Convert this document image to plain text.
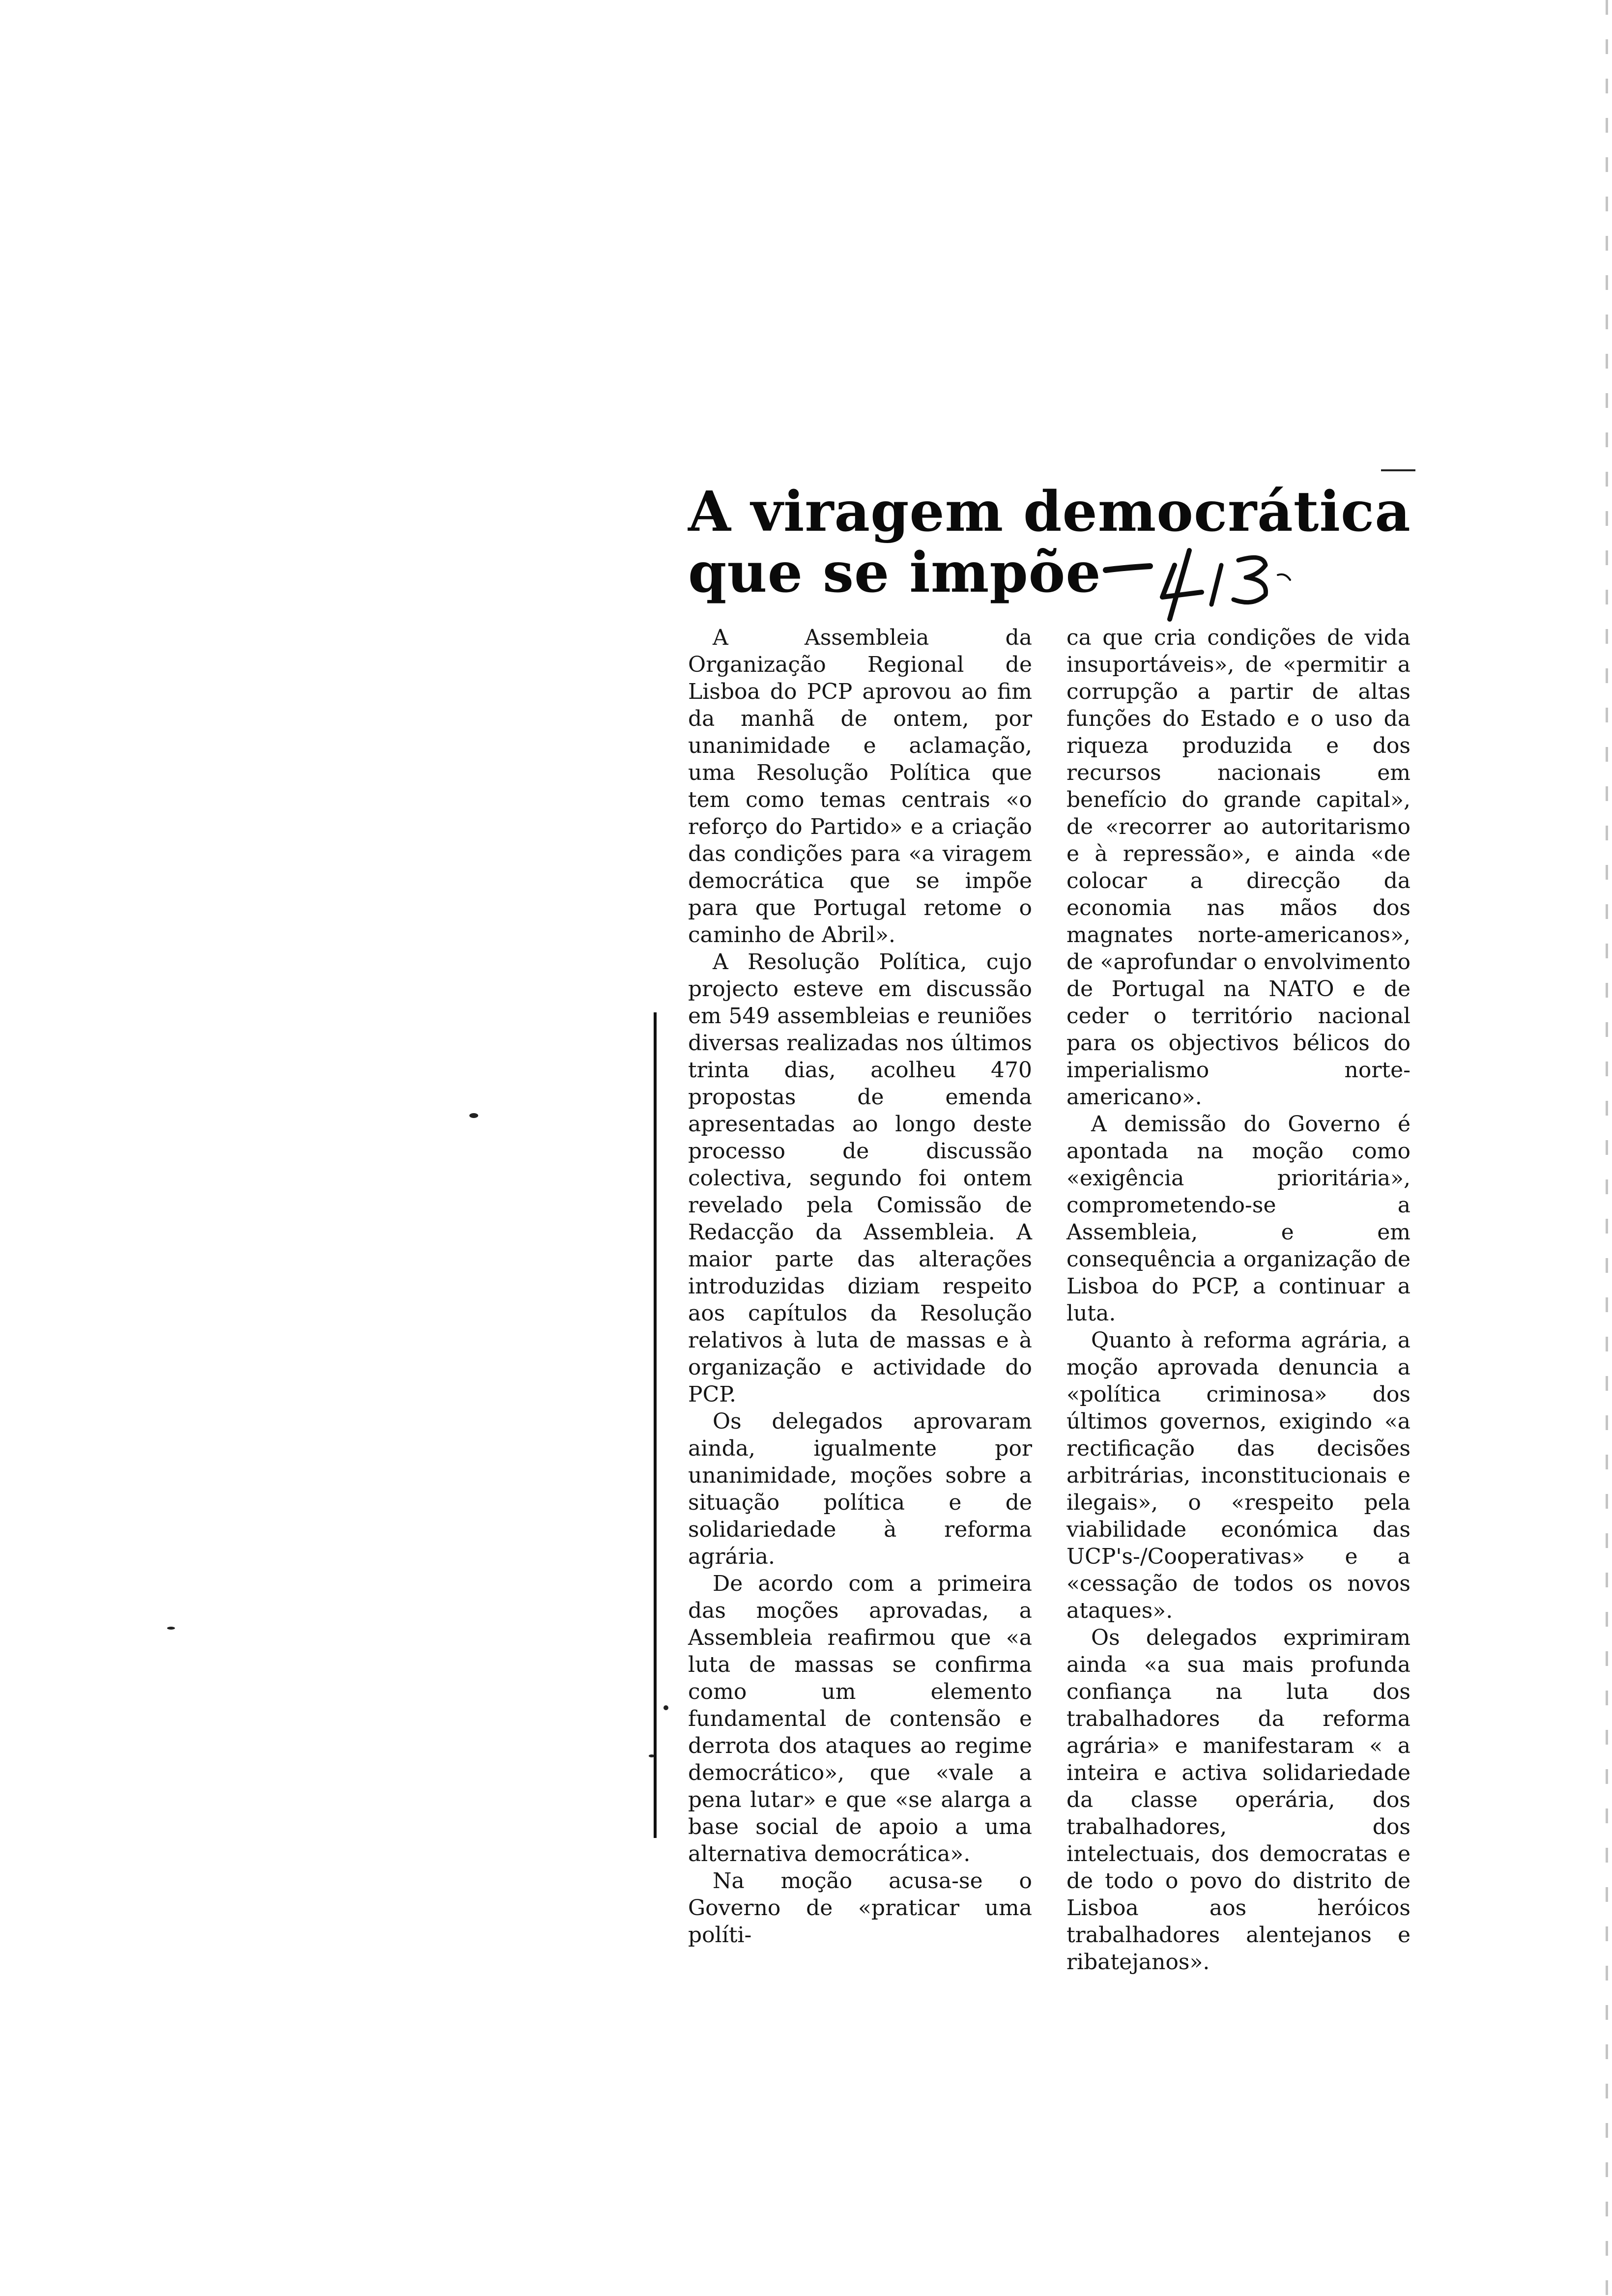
A viragem democrática
que se impõe

A Assembleia da Organização Regional de Lisboa do PCP aprovou ao fim da manhã de ontem, por unanimidade e aclamação, uma Resolução Política que tem como temas centrais «o reforço do Partido» e a criação das condições para «a viragem democrática que se impõe para que Portugal retome o caminho de Abril».

A Resolução Política, cujo projecto esteve em discussão em 549 assembleias e reuniões diversas realizadas nos últimos trinta dias, acolheu 470 propostas de emenda apresentadas ao longo deste processo de discussão colectiva, segundo foi ontem revelado pela Comissão de Redacção da Assembleia. A maior parte das alterações introduzidas diziam respeito aos capítulos da Resolução relativos à luta de massas e à organização e actividade do PCP.

Os delegados aprovaram ainda, igualmente por unanimidade, moções sobre a situação política e de solidariedade à reforma agrária.

De acordo com a primeira das moções aprovadas, a Assembleia reafirmou que «a luta de massas se confirma como um elemento fundamental de contensão e derrota dos ataques ao regime democrático», que «vale a pena lutar» e que «se alarga a base social de apoio a uma alternativa democrática».

Na moção acusa-se o Governo de «praticar uma políti-

ca que cria condições de vida insuportáveis», de «permitir a corrupção a partir de altas funções do Estado e o uso da riqueza produzida e dos recursos nacionais em benefício do grande capital», de «recorrer ao autoritarismo e à repressão», e ainda «de colocar a direcção da economia nas mãos dos magnates norte-americanos», de «aprofundar o envolvimento de Portugal na NATO e de ceder o território nacional para os objectivos bélicos do imperialismo norte-americano».

A demissão do Governo é apontada na moção como «exigência prioritária», comprometendo-se a Assembleia, e em consequência a organização de Lisboa do PCP, a continuar a luta.

Quanto à reforma agrária, a moção aprovada denuncia a «política criminosa» dos últimos governos, exigindo «a rectificação das decisões arbitrárias, inconstitucionais e ilegais», o «respeito pela viabilidade económica das UCP's-/Cooperativas» e a «cessação de todos os novos ataques».

Os delegados exprimiram ainda «a sua mais profunda confiança na luta dos trabalhadores da reforma agrária» e manifestaram « a inteira e activa solidariedade da classe operária, dos trabalhadores, dos intelectuais, dos democratas e de todo o povo do distrito de Lisboa aos heróicos trabalhadores alentejanos e ribatejanos».
